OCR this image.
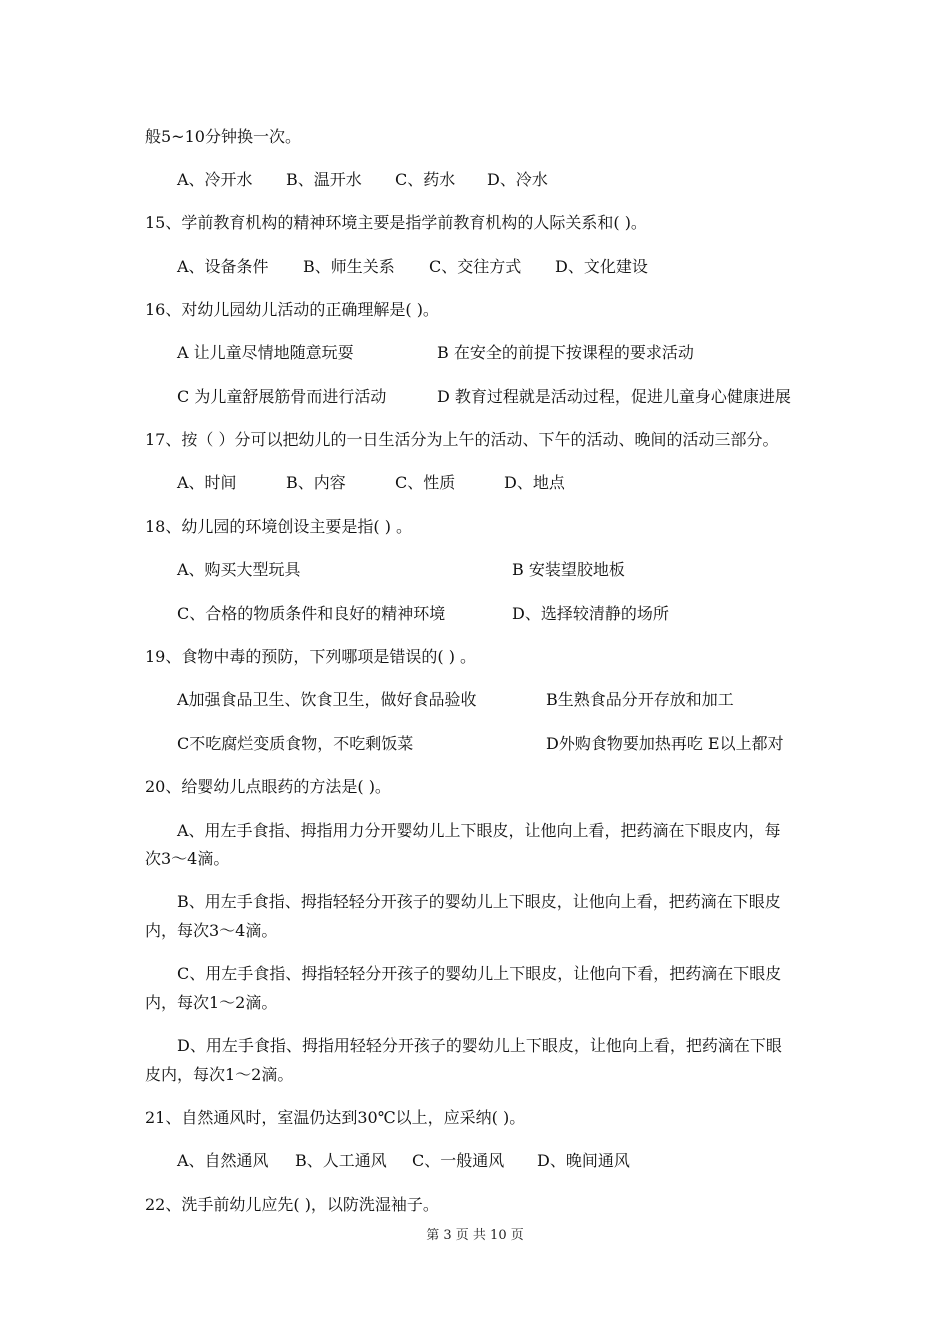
般5~10分钟换一次。
A、冷开水 B、温开水 C、药水 D、冷水
15、学前教育机构的精神环境主要是指学前教育机构的人际关系和( )。
A、设备条件 B、师生关系 C、交往方式 D、文化建设
16、对幼儿园幼儿活动的正确理解是( )。
A 让儿童尽情地随意玩耍	B 在安全的前提下按课程的要求活动
C 为儿童舒展筋骨而进行活动	D 教育过程就是活动过程，促进儿童身心健康进展
17、按（ ）分可以把幼儿的一日生活分为上午的活动、下午的活动、晚间的活动三部分。
A、时间	B、内容	C、性质	D、地点
18、幼儿园的环境创设主要是指( ) 。
A、购买大型玩具	B 安装望胶地板
C、合格的物质条件和良好的精神环境	D、选择较清静的场所
19、食物中毒的预防，下列哪项是错误的( ) 。
A加强食品卫生、饮食卫生，做好食品验收	B生熟食品分开存放和加工
C不吃腐烂变质食物，不吃剩饭菜	D外购食物要加热再吃 E以上都对
20、给婴幼儿点眼药的方法是( )。
A、用左手食指、拇指用力分开婴幼儿上下眼皮，让他向上看，把药滴在下眼皮内，每
次3～4滴。
B、用左手食指、拇指轻轻分开孩子的婴幼儿上下眼皮，让他向上看，把药滴在下眼皮
内，每次3～4滴。
C、用左手食指、拇指轻轻分开孩子的婴幼儿上下眼皮，让他向下看，把药滴在下眼皮
内，每次1～2滴。
D、用左手食指、拇指用轻轻分开孩子的婴幼儿上下眼皮，让他向上看，把药滴在下眼
皮内，每次1～2滴。
21、自然通风时，室温仍达到30℃以上，应采纳( )。
A、自然通风 B、人工通风 C、一般通风 D、晚间通风
22、洗手前幼儿应先( )，以防洗湿袖子。
第 3 页 共 10 页
